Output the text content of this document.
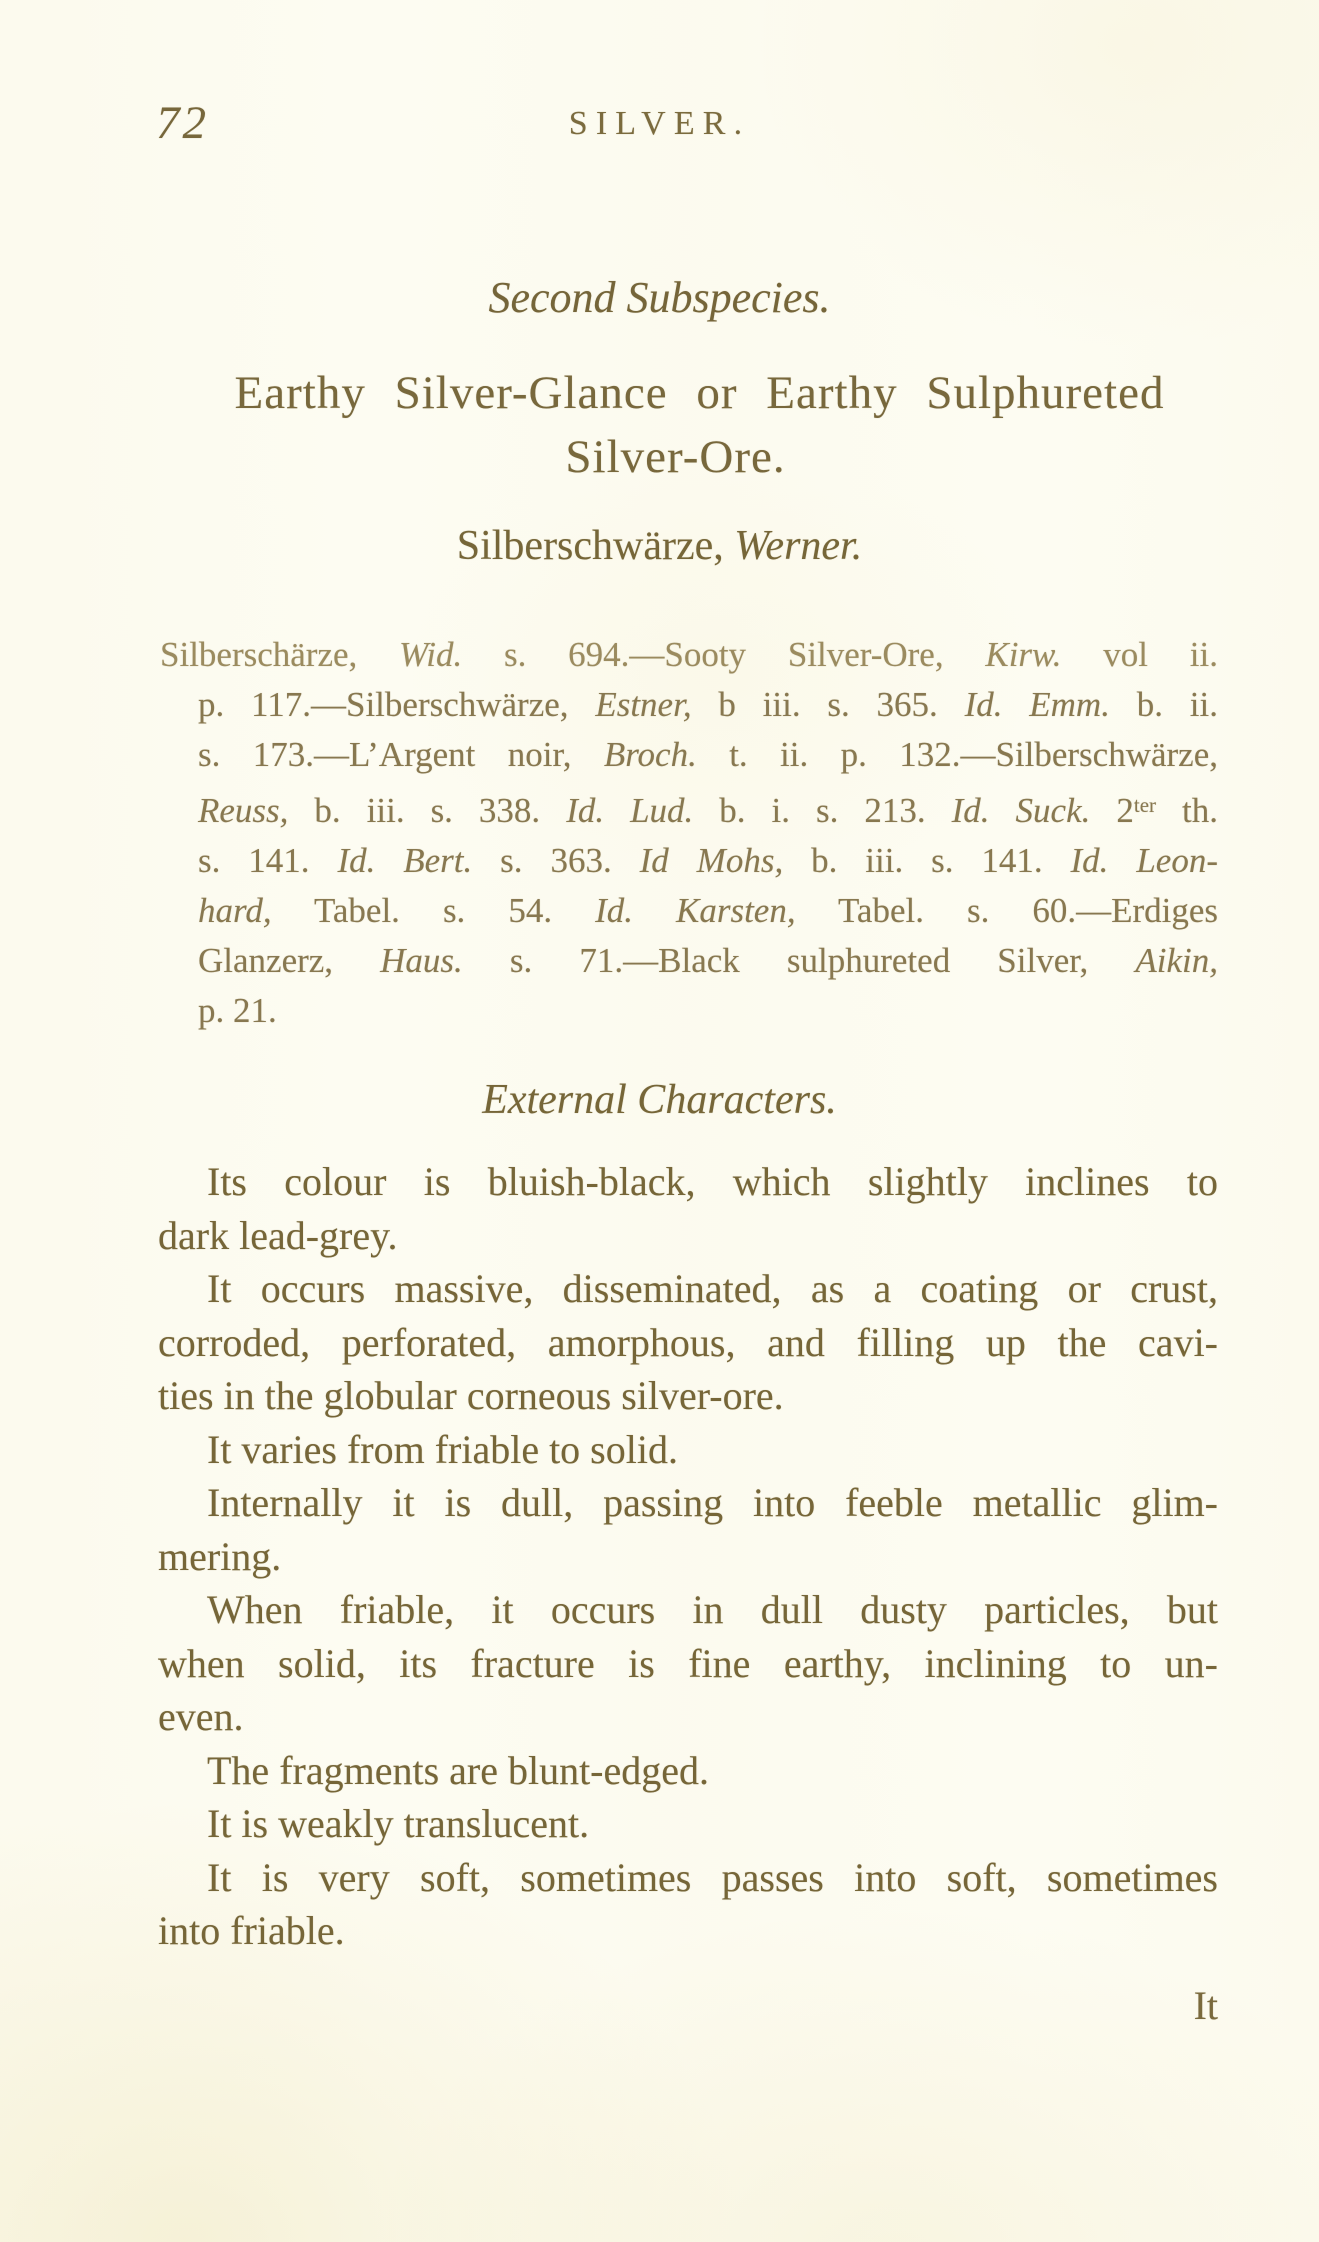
72	SILVER.
Second Subspecies.
Earthy Silver-Glance or Earthy Sulphureted
Silver-Ore.
Silberschwärze, Werner.
Silberschärze, Wid. s. 694.—Sooty Silver-Ore, Kirw. vol ii.
p. 117.—Silberschwärze, Estner, b iii. s. 365. Id. Emm. b. ii.
s. 173.—L’Argent noir, Broch. t. ii. p. 132.—Silberschwärze,
Reuss, b. iii. s. 338. Id. Lud. b. i. s. 213. Id. Suck. $2^{ter}$ th.
s. 141. Id. Bert. s. 363. Id Mohs, b. iii. s. 141. Id. Leon-
hard, Tabel. s. 54. Id. Karsten, Tabel. s. 60.—Erdiges
Glanzerz, Haus. s. 71.—Black sulphureted Silver, Aikin,
p. 21.
External Characters.
Its colour is bluish-black, which slightly inclines to
dark lead-grey.
It occurs massive, disseminated, as a coating or crust,
corroded, perforated, amorphous, and filling up the cavi-
ties in the globular corneous silver-ore.
It varies from friable to solid.
Internally it is dull, passing into feeble metallic glim-
mering.
When friable, it occurs in dull dusty particles, but
when solid, its fracture is fine earthy, inclining to un-
even.
The fragments are blunt-edged.
It is weakly translucent.
It is very soft, sometimes passes into soft, sometimes
into friable.
It
